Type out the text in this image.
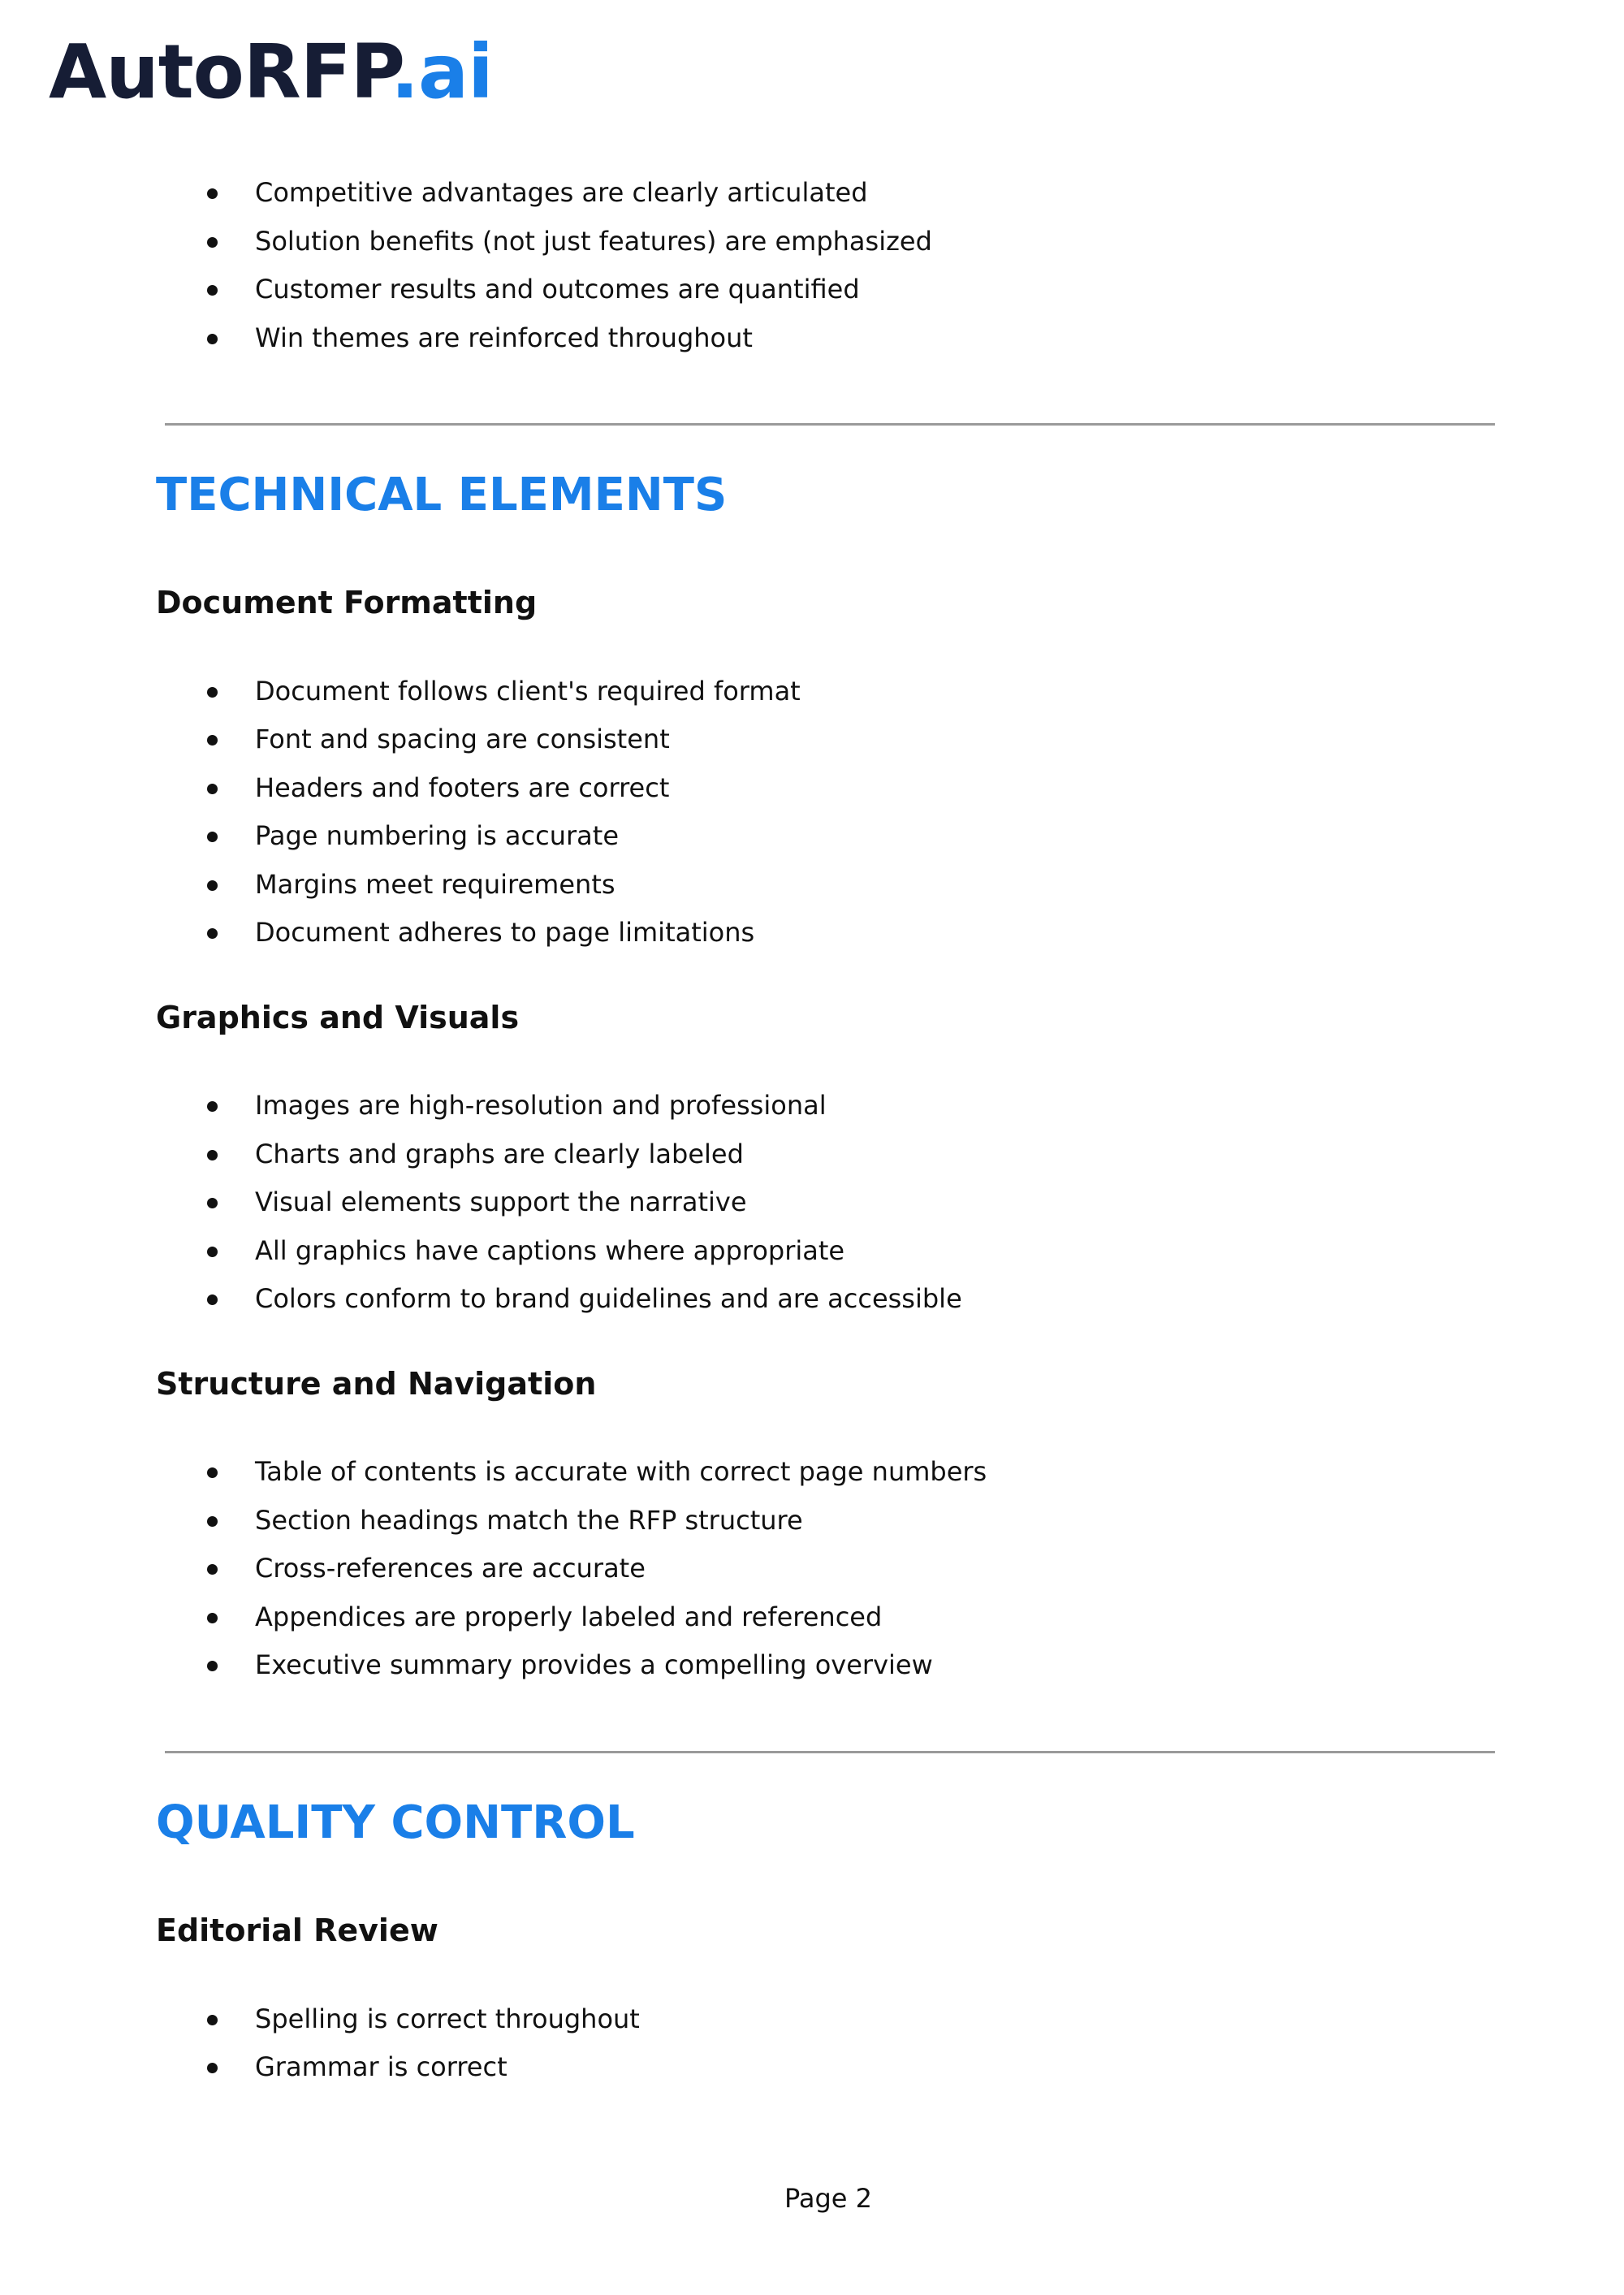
AutoRFP.ai
Competitive advantages are clearly articulated
Solution benefits (not just features) are emphasized
Customer results and outcomes are quantified
Win themes are reinforced throughout
TECHNICAL ELEMENTS
Document Formatting
Document follows client's required format
Font and spacing are consistent
Headers and footers are correct
Page numbering is accurate
Margins meet requirements
Document adheres to page limitations
Graphics and Visuals
Images are high-resolution and professional
Charts and graphs are clearly labeled
Visual elements support the narrative
All graphics have captions where appropriate
Colors conform to brand guidelines and are accessible
Structure and Navigation
Table of contents is accurate with correct page numbers
Section headings match the RFP structure
Cross-references are accurate
Appendices are properly labeled and referenced
Executive summary provides a compelling overview
QUALITY CONTROL
Editorial Review
Spelling is correct throughout
Grammar is correct
Page 2
